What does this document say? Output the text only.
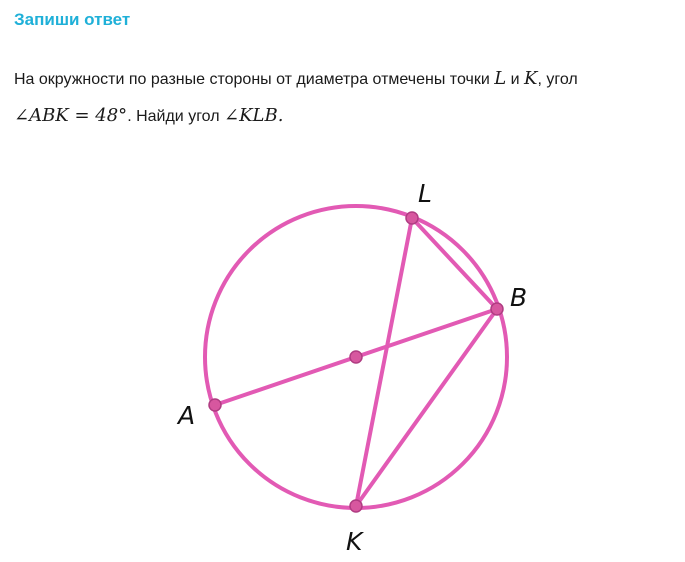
Запиши ответ
На окружности по разные стороны от диаметра отмечены точки L и K, угол
∠ABK = 48°. Найди угол ∠KLB.
L
B
A
K
